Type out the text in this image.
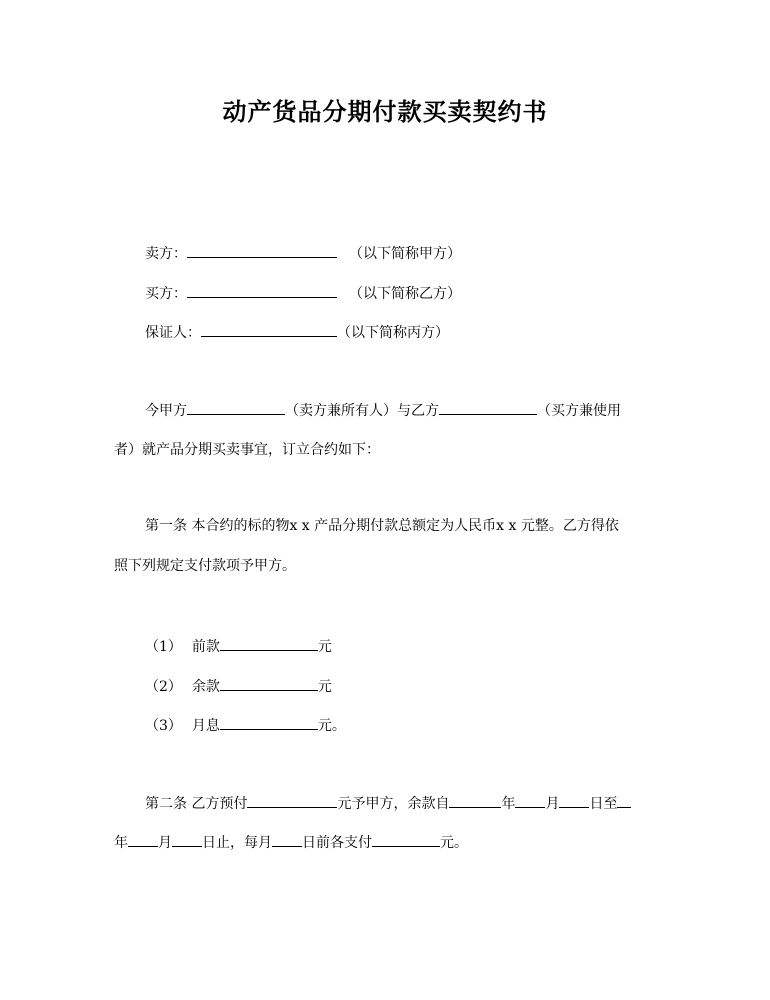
动产货品分期付款买卖契约书
卖方：	（以下简称甲方）
买方：	（以下简称乙方）
保证人：	（以下简称丙方）
今甲方	（卖方兼所有人）与乙方	（买方兼使用
者）就产品分期买卖事宜，订立合约如下：
第一条 本合约的标的物x x 产品分期付款总额定为人民币x x 元整。乙方得依
照下列规定支付款项予甲方。
（1） 前款	元
（2） 余款	元
（3） 月息	元。
第二条 乙方预付	元予甲方，余款自	年 月 日至
年 月 日止，每月 日前各支付	元。
